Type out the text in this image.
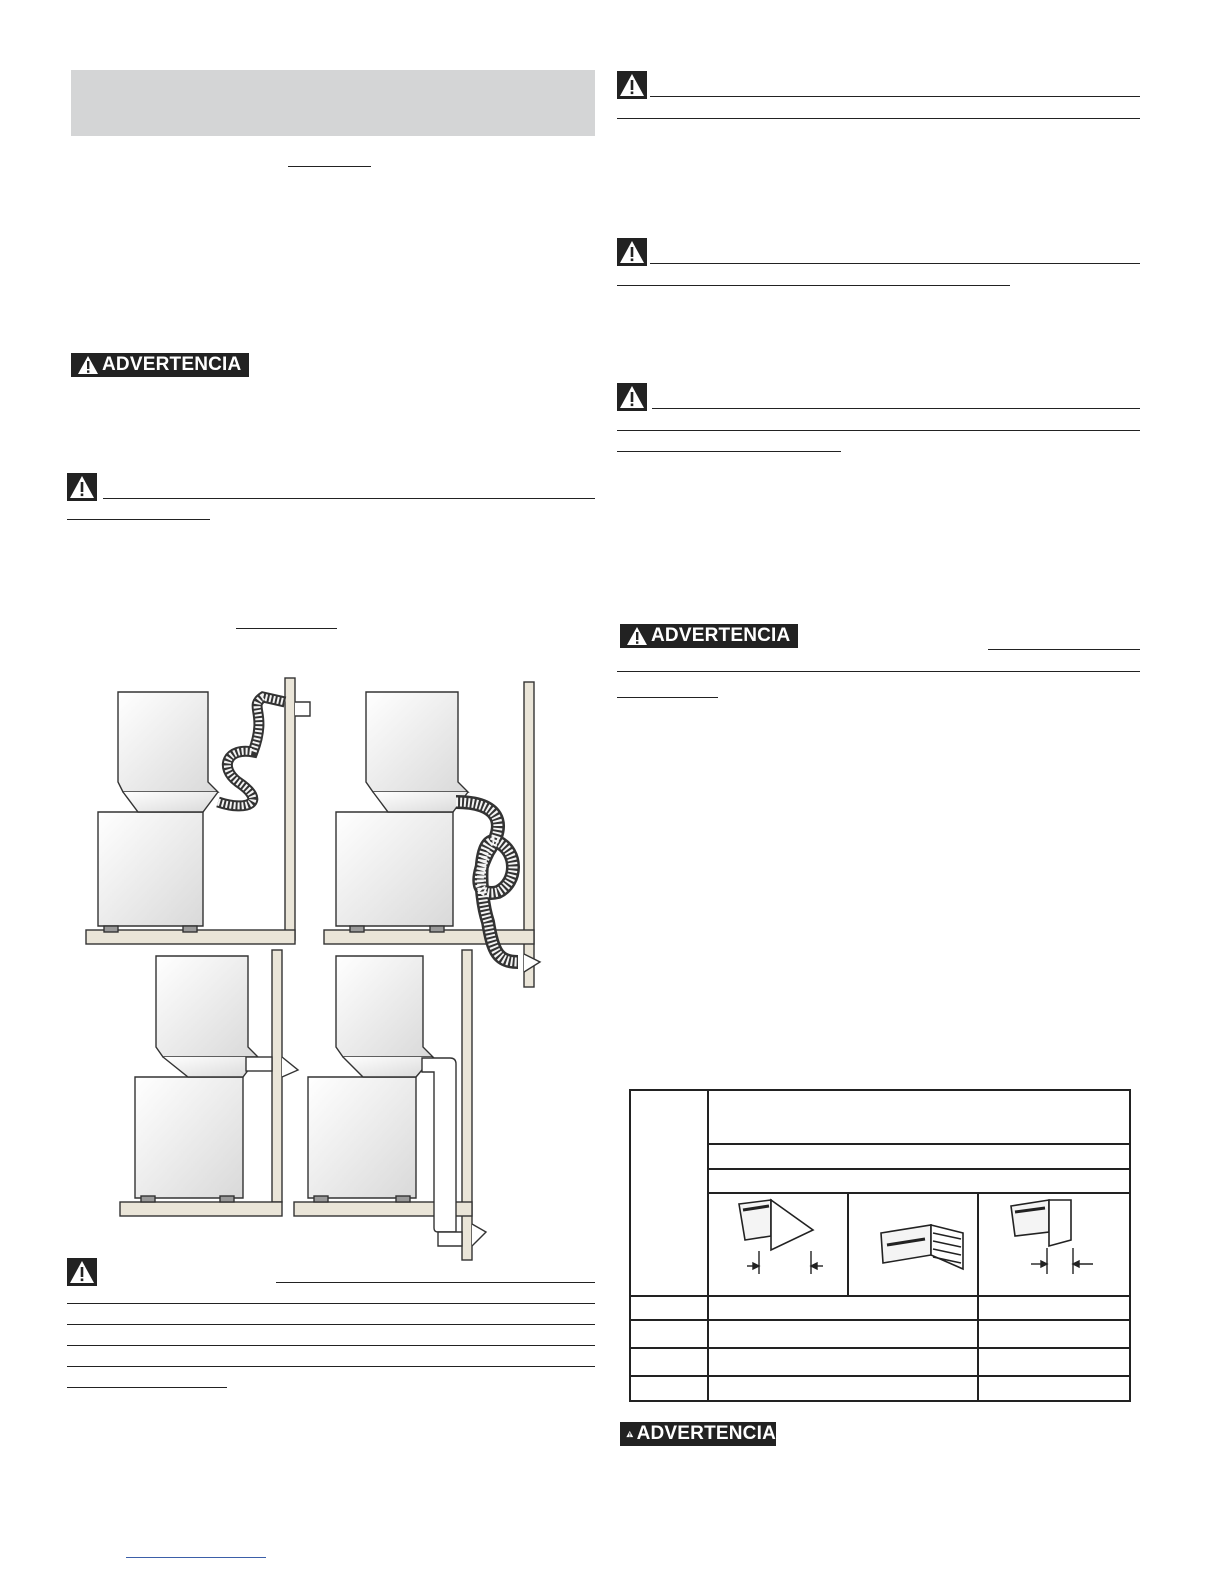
ADVERTENCIA
ADVERTENCIA
ADVERTENCIA
